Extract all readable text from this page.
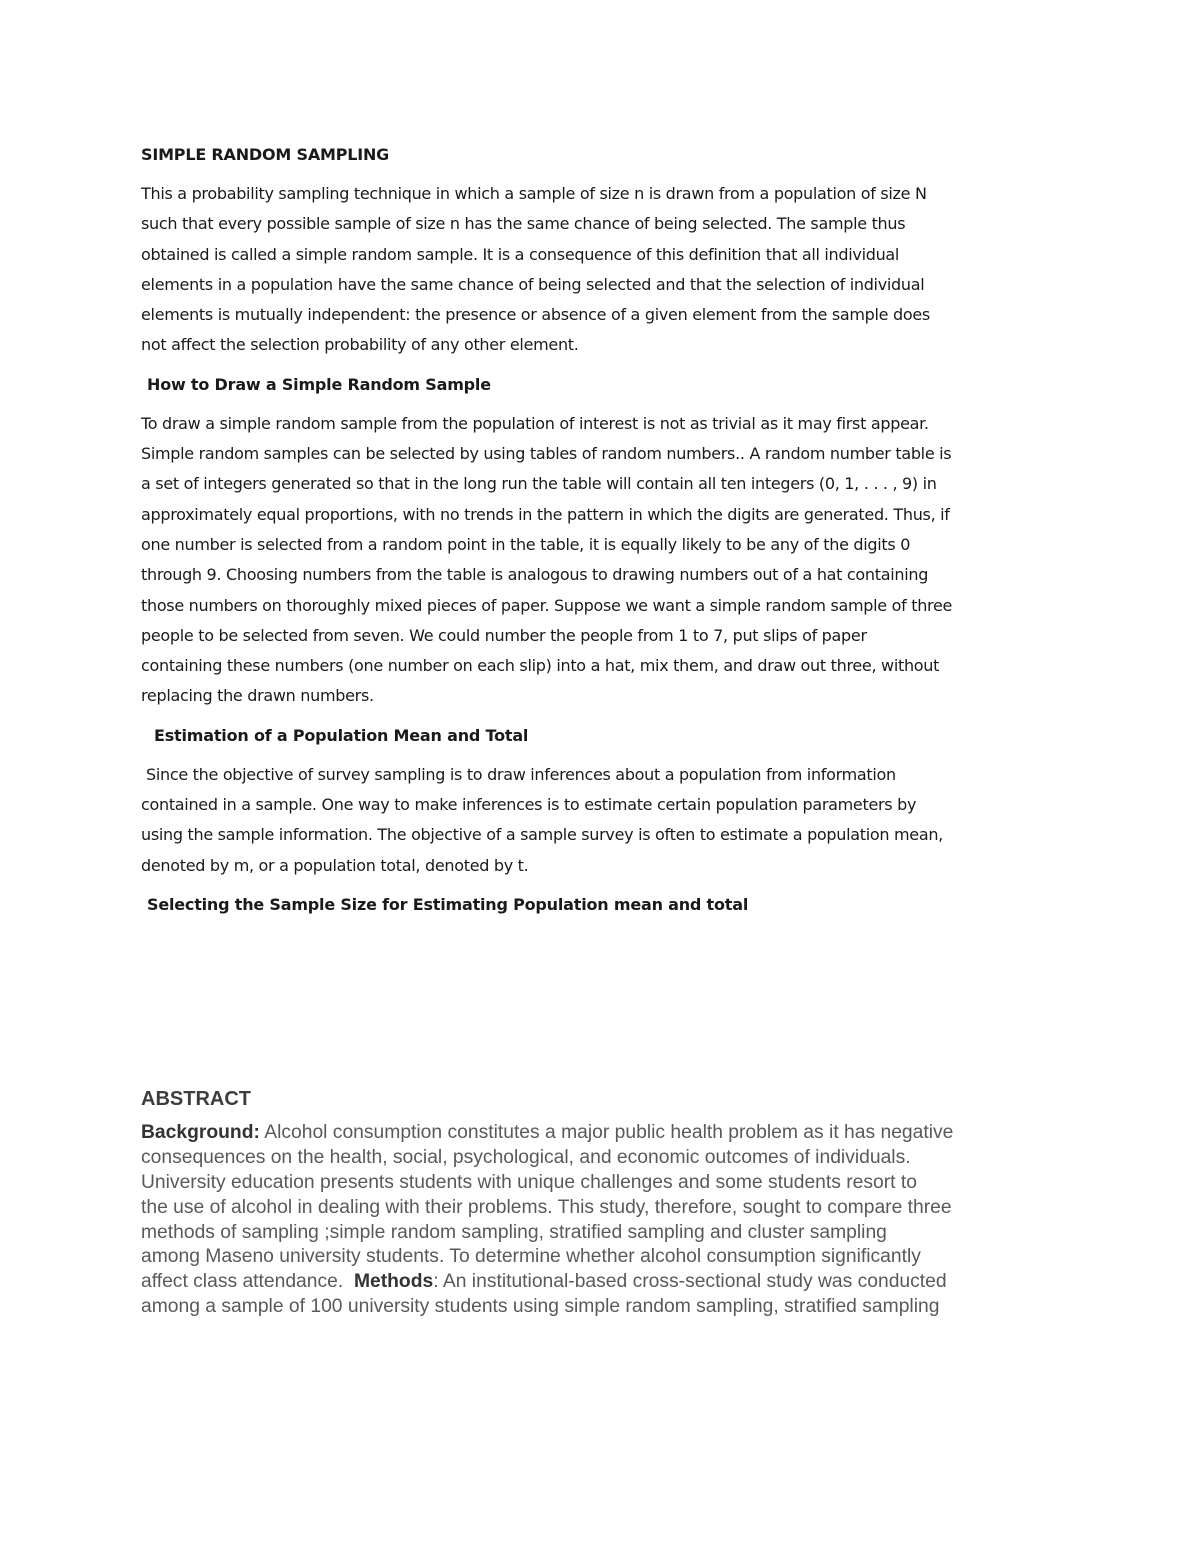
SIMPLE RANDOM SAMPLING
This a probability sampling technique in which a sample of size n is drawn from a population of size N
such that every possible sample of size n has the same chance of being selected. The sample thus
obtained is called a simple random sample. It is a consequence of this definition that all individual
elements in a population have the same chance of being selected and that the selection of individual
elements is mutually independent: the presence or absence of a given element from the sample does
not affect the selection probability of any other element.
How to Draw a Simple Random Sample
To draw a simple random sample from the population of interest is not as trivial as it may first appear.
Simple random samples can be selected by using tables of random numbers.. A random number table is
a set of integers generated so that in the long run the table will contain all ten integers (0, 1, . . . , 9) in
approximately equal proportions, with no trends in the pattern in which the digits are generated. Thus, if
one number is selected from a random point in the table, it is equally likely to be any of the digits 0
through 9. Choosing numbers from the table is analogous to drawing numbers out of a hat containing
those numbers on thoroughly mixed pieces of paper. Suppose we want a simple random sample of three
people to be selected from seven. We could number the people from 1 to 7, put slips of paper
containing these numbers (one number on each slip) into a hat, mix them, and draw out three, without
replacing the drawn numbers.
Estimation of a Population Mean and Total
Since the objective of survey sampling is to draw inferences about a population from information
contained in a sample. One way to make inferences is to estimate certain population parameters by
using the sample information. The objective of a sample survey is often to estimate a population mean,
denoted by m, or a population total, denoted by t.
Selecting the Sample Size for Estimating Population mean and total
ABSTRACT
Background: Alcohol consumption constitutes a major public health problem as it has negative
consequences on the health, social, psychological, and economic outcomes of individuals.
University education presents students with unique challenges and some students resort to
the use of alcohol in dealing with their problems. This study, therefore, sought to compare three
methods of sampling ;simple random sampling, stratified sampling and cluster sampling
among Maseno university students. To determine whether alcohol consumption significantly
affect class attendance.  Methods: An institutional-based cross-sectional study was conducted
among a sample of 100 university students using simple random sampling, stratified sampling
